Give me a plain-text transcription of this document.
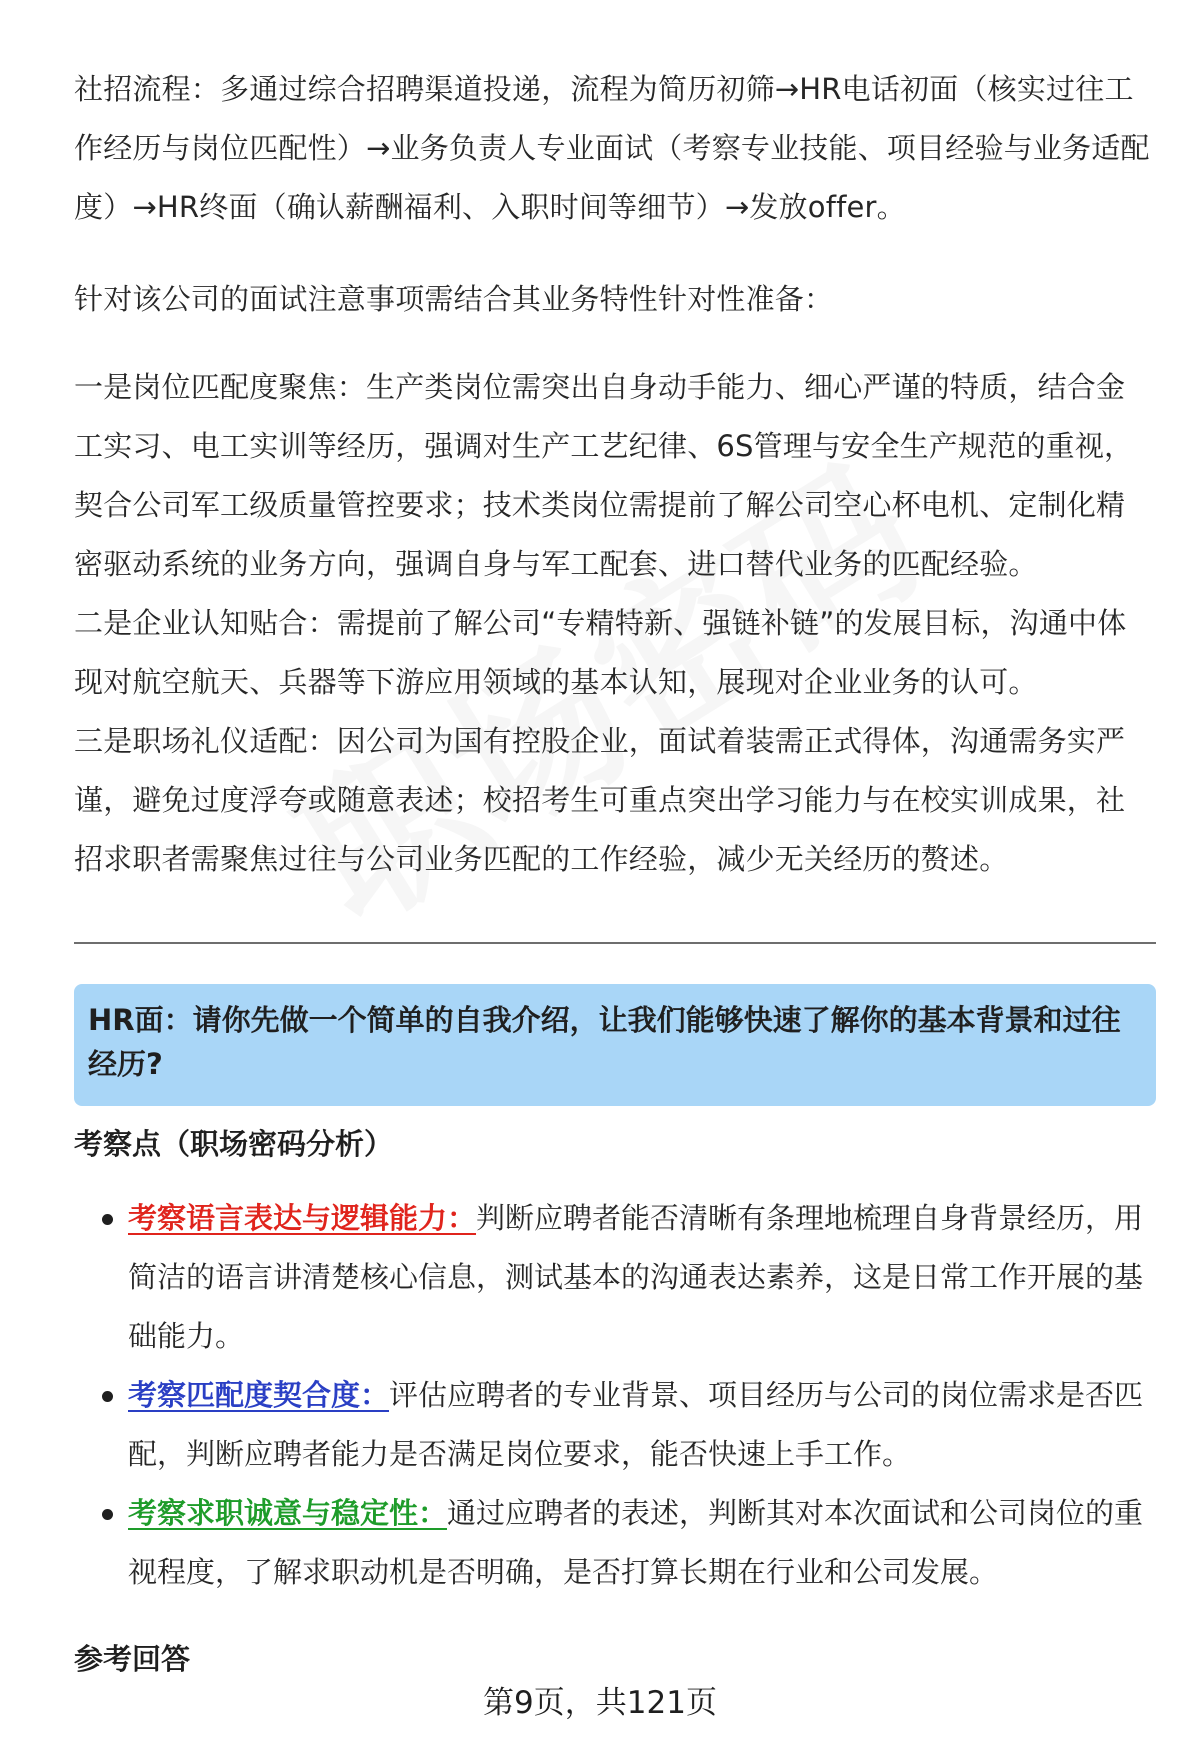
社招流程：多通过综合招聘渠道投递，流程为简历初筛→HR电话初面（核实过往工作经历与岗位匹配性）→业务负责人专业面试（考察专业技能、项目经验与业务适配度）→HR终面（确认薪酬福利、入职时间等细节）→发放offer。
针对该公司的面试注意事项需结合其业务特性针对性准备：
一是岗位匹配度聚焦：生产类岗位需突出自身动手能力、细心严谨的特质，结合金工实习、电工实训等经历，强调对生产工艺纪律、6S管理与安全生产规范的重视，契合公司军工级质量管控要求；技术类岗位需提前了解公司空心杯电机、定制化精密驱动系统的业务方向，强调自身与军工配套、进口替代业务的匹配经验。
二是企业认知贴合：需提前了解公司“专精特新、强链补链”的发展目标，沟通中体现对航空航天、兵器等下游应用领域的基本认知，展现对企业业务的认可。
三是职场礼仪适配：因公司为国有控股企业，面试着装需正式得体，沟通需务实严谨，避免过度浮夸或随意表述；校招考生可重点突出学习能力与在校实训成果，社招求职者需聚焦过往与公司业务匹配的工作经验，减少无关经历的赘述。
HR面：请你先做一个简单的自我介绍，让我们能够快速了解你的基本背景和过往经历?
考察点（职场密码分析）
考察语言表达与逻辑能力：判断应聘者能否清晰有条理地梳理自身背景经历，用简洁的语言讲清楚核心信息，测试基本的沟通表达素养，这是日常工作开展的基础能力。
考察匹配度契合度：评估应聘者的专业背景、项目经历与公司的岗位需求是否匹配，判断应聘者能力是否满足岗位要求，能否快速上手工作。
考察求职诚意与稳定性：通过应聘者的表述，判断其对本次面试和公司岗位的重视程度，了解求职动机是否明确，是否打算长期在行业和公司发展。
参考回答
第9页，共121页
